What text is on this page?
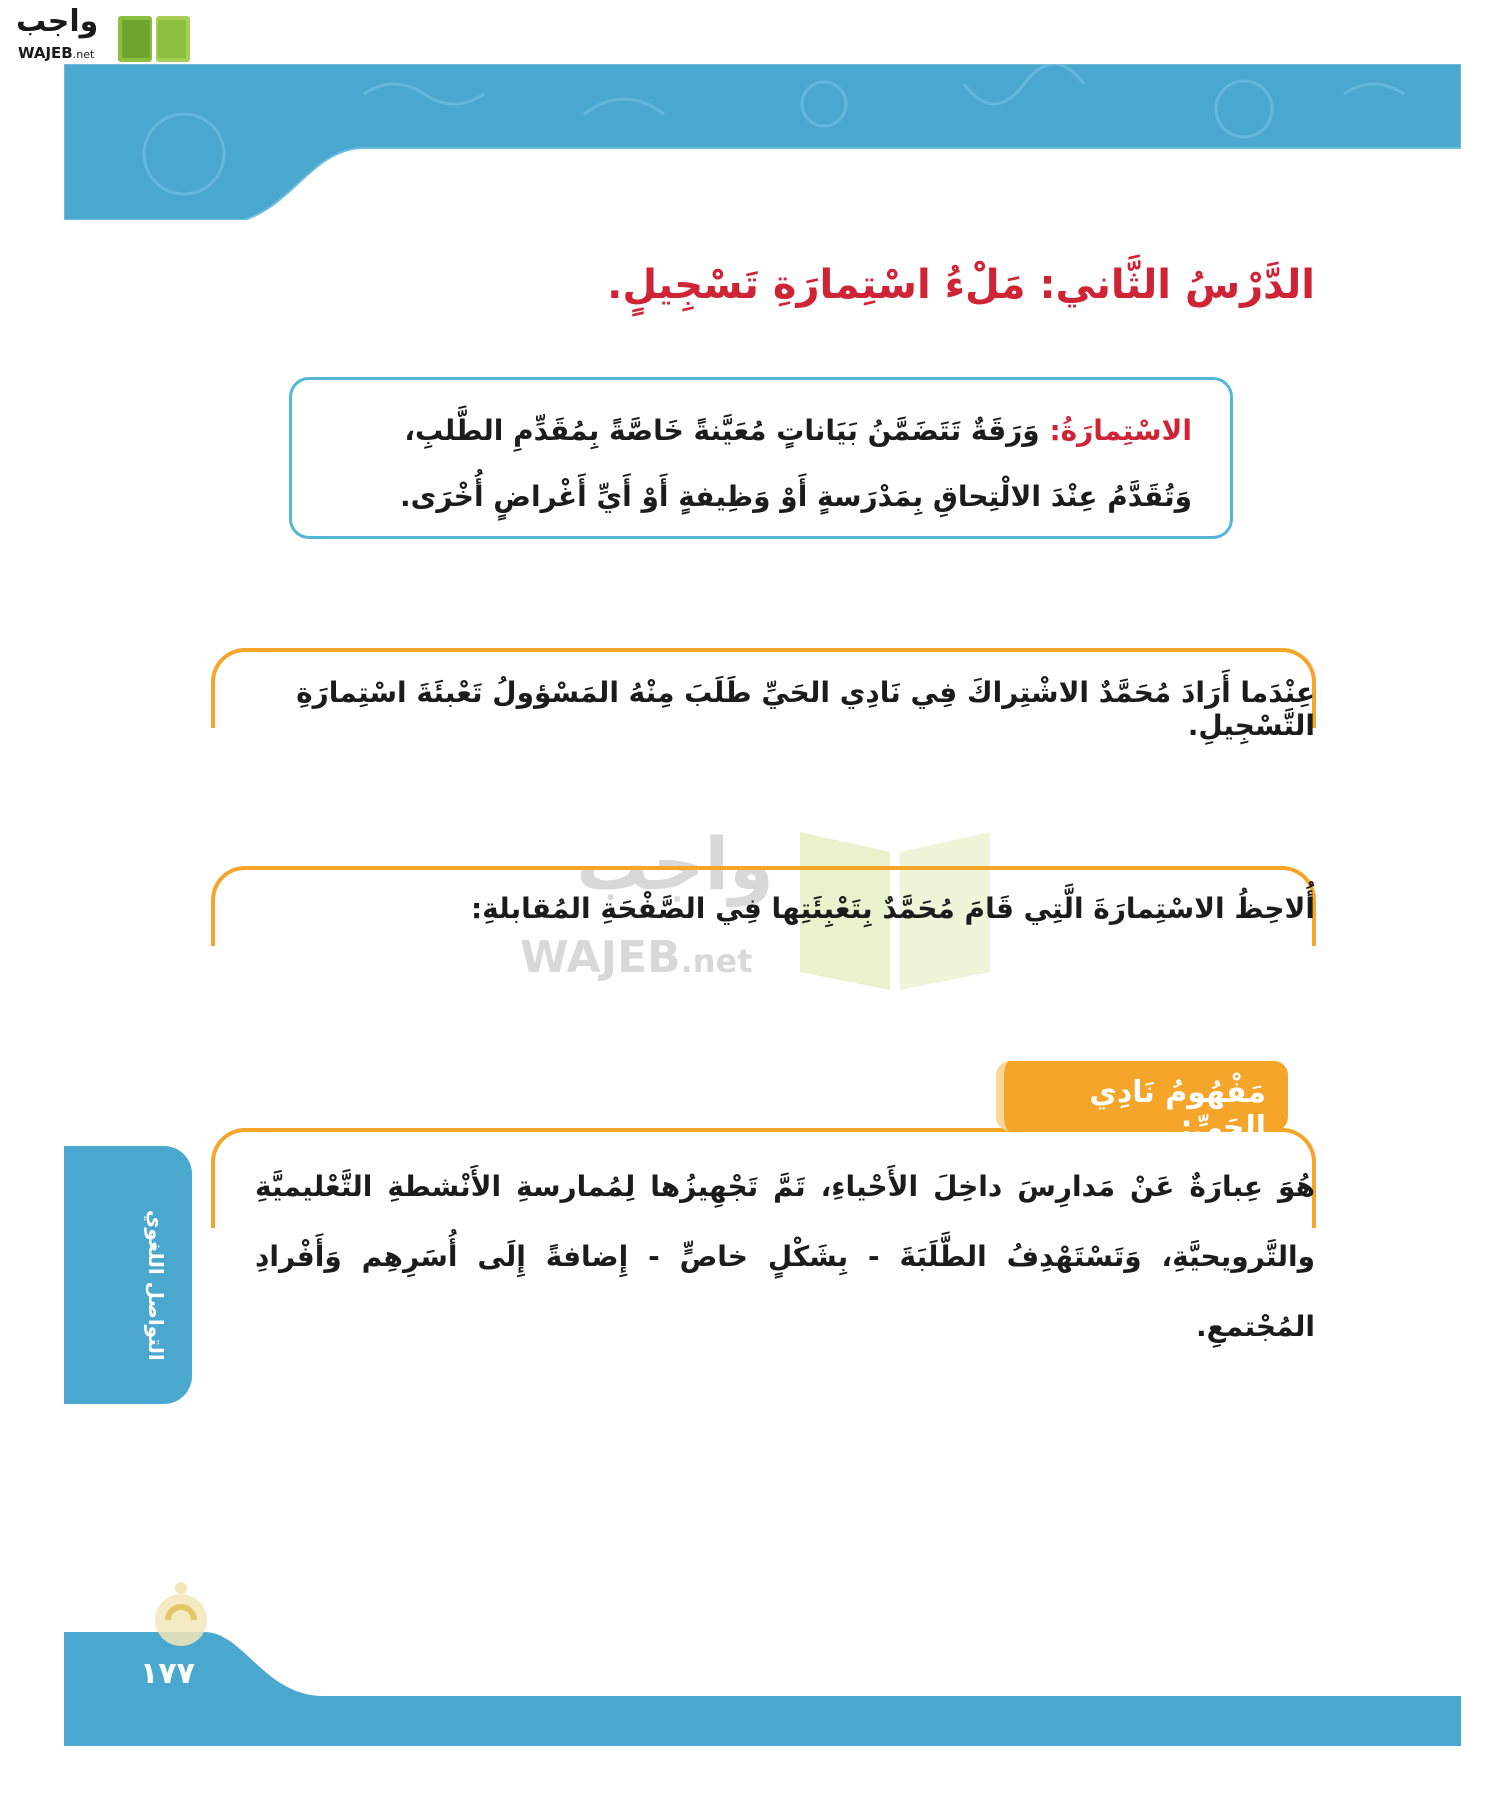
واجب
WAJEB.net
الدَّرْسُ الثَّاني: مَلْءُ اسْتِمارَةِ تَسْجِيلٍ.
الاسْتِمارَةُ: وَرَقَةٌ تَتَضَمَّنُ بَيَاناتٍ مُعَيَّنةً خَاصَّةً بِمُقَدِّمِ الطَّلبِ، وَتُقَدَّمُ عِنْدَ الالْتِحاقِ بِمَدْرَسةٍ أَوْ وَظِيفةٍ أَوْ أَيِّ أَغْراضٍ أُخْرَى.
عِنْدَما أَرَادَ مُحَمَّدٌ الاشْتِراكَ فِي نَادِي الحَيِّ طَلَبَ مِنْهُ المَسْؤولُ تَعْبئَةَ اسْتِمارَةِ التَّسْجِيلِ.
واجب
WAJEB.net
أُلاحِظُ الاسْتِمارَةَ الَّتِي قَامَ مُحَمَّدٌ بِتَعْبِئَتِها فِي الصَّفْحَةِ المُقابلةِ:
مَفْهُومُ نَادِي الحَيِّ:
هُوَ عِبارَةٌ عَنْ مَدارِسَ داخِلَ الأَحْياءِ، تَمَّ تَجْهِيزُها لِمُمارسةِ الأَنْشطةِ التَّعْليميَّةِ والتَّرويحيَّةِ، وَتَسْتَهْدِفُ الطَّلَبَةَ - بِشَكْلٍ خاصٍّ - إِضافةً إِلَى أُسَرِهِم وَأَفْرادِ المُجْتمعِ.
التواصل اللغوي
١٧٧
